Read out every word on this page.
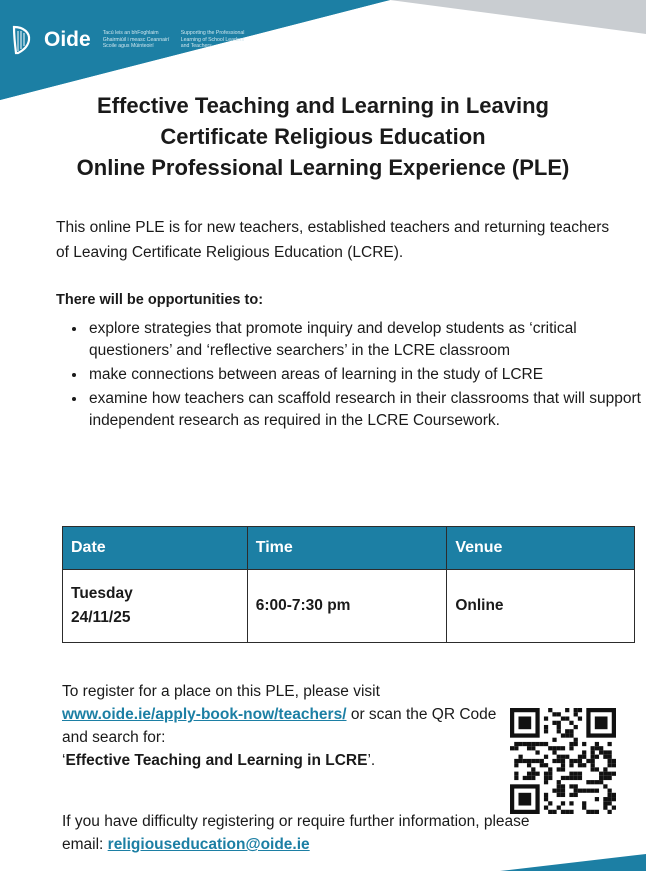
Oide Tacú leis an bhFoghlaim
Ghairmiúil i measc Ceannairí
Scoile agus Múinteoirí
Supporting the Professional
Learning of School Leaders
and Teachers
Effective Teaching and Learning in Leaving
Certificate Religious Education
Online Professional Learning Experience (PLE)

This online PLE is for new teachers, established teachers and returning teachers of Leaving Certificate Religious Education (LCRE).

There will be opportunities to:
• explore strategies that promote inquiry and develop students as ‘critical questioners’ and ‘reflective searchers’ in the LCRE classroom
• make connections between areas of learning in the study of LCRE
• examine how teachers can scaffold research in their classrooms that will support independent research as required in the LCRE Coursework.
Date	Time	Venue

Tuesday
24/11/25	6:00-7:30 pm	Online
To register for a place on this PLE, please visit
www.oide.ie/apply-book-now/teachers/ or scan the QR Code and search for:
‘Effective Teaching and Learning in LCRE’.
If you have difficulty registering or require further information, please email: religiouseducation@oide.ie
